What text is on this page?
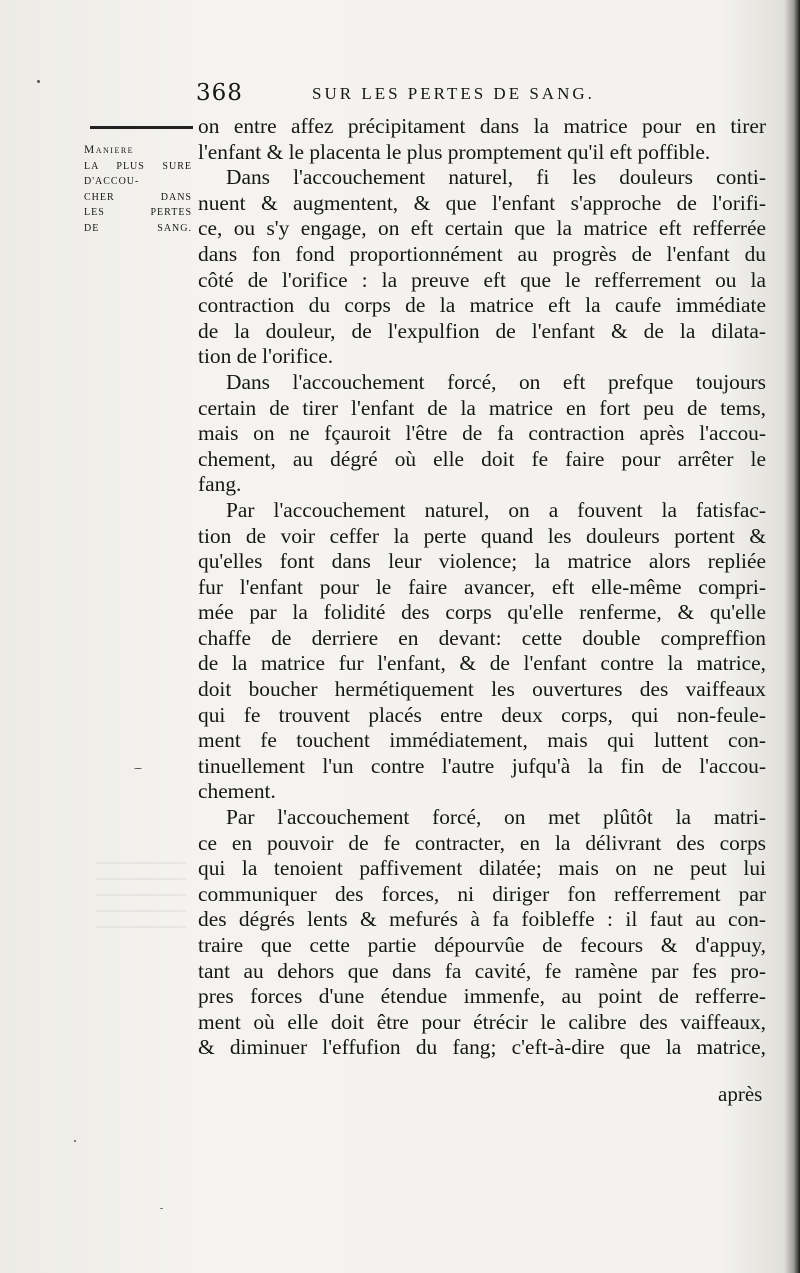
368	SUR LES PERTES DE SANG.
Maniere
LA PLUS SURE
D'ACCOU-
CHER DANS
LES PERTES
DE SANG.
on entre affez précipitament dans la matrice pour en tirer
l'enfant & le placenta le plus promptement qu'il eft poffible.
Dans l'accouchement naturel, fi les douleurs conti-
nuent & augmentent, & que l'enfant s'approche de l'orifi-
ce, ou s'y engage, on eft certain que la matrice eft refferrée
dans fon fond proportionnément au progrès de l'enfant du
côté de l'orifice : la preuve eft que le refferrement ou la
contraction du corps de la matrice eft la caufe immédiate
de la douleur, de l'expulfion de l'enfant & de la dilata-
tion de l'orifice.
Dans l'accouchement forcé, on eft prefque toujours
certain de tirer l'enfant de la matrice en fort peu de tems,
mais on ne fçauroit l'être de fa contraction après l'accou-
chement, au dégré où elle doit fe faire pour arrêter le
fang.
Par l'accouchement naturel, on a fouvent la fatisfac-
tion de voir ceffer la perte quand les douleurs portent &
qu'elles font dans leur violence; la matrice alors repliée
fur l'enfant pour le faire avancer, eft elle-même compri-
mée par la folidité des corps qu'elle renferme, & qu'elle
chaffe de derriere en devant: cette double compreffion
de la matrice fur l'enfant, & de l'enfant contre la matrice,
doit boucher hermétiquement les ouvertures des vaiffeaux
qui fe trouvent placés entre deux corps, qui non-feule-
ment fe touchent immédiatement, mais qui luttent con-
tinuellement l'un contre l'autre jufqu'à la fin de l'accou-
chement.
Par l'accouchement forcé, on met plûtôt la matri-
ce en pouvoir de fe contracter, en la délivrant des corps
qui la tenoient paffivement dilatée; mais on ne peut lui
communiquer des forces, ni diriger fon refferrement par
des dégrés lents & mefurés à fa foibleffe : il faut au con-
traire que cette partie dépourvûe de fecours & d'appuy,
tant au dehors que dans fa cavité, fe ramène par fes pro-
pres forces d'une étendue immenfe, au point de refferre-
ment où elle doit être pour étrécir le calibre des vaiffeaux,
& diminuer l'effufion du fang; c'eft-à-dire que la matrice,
après
